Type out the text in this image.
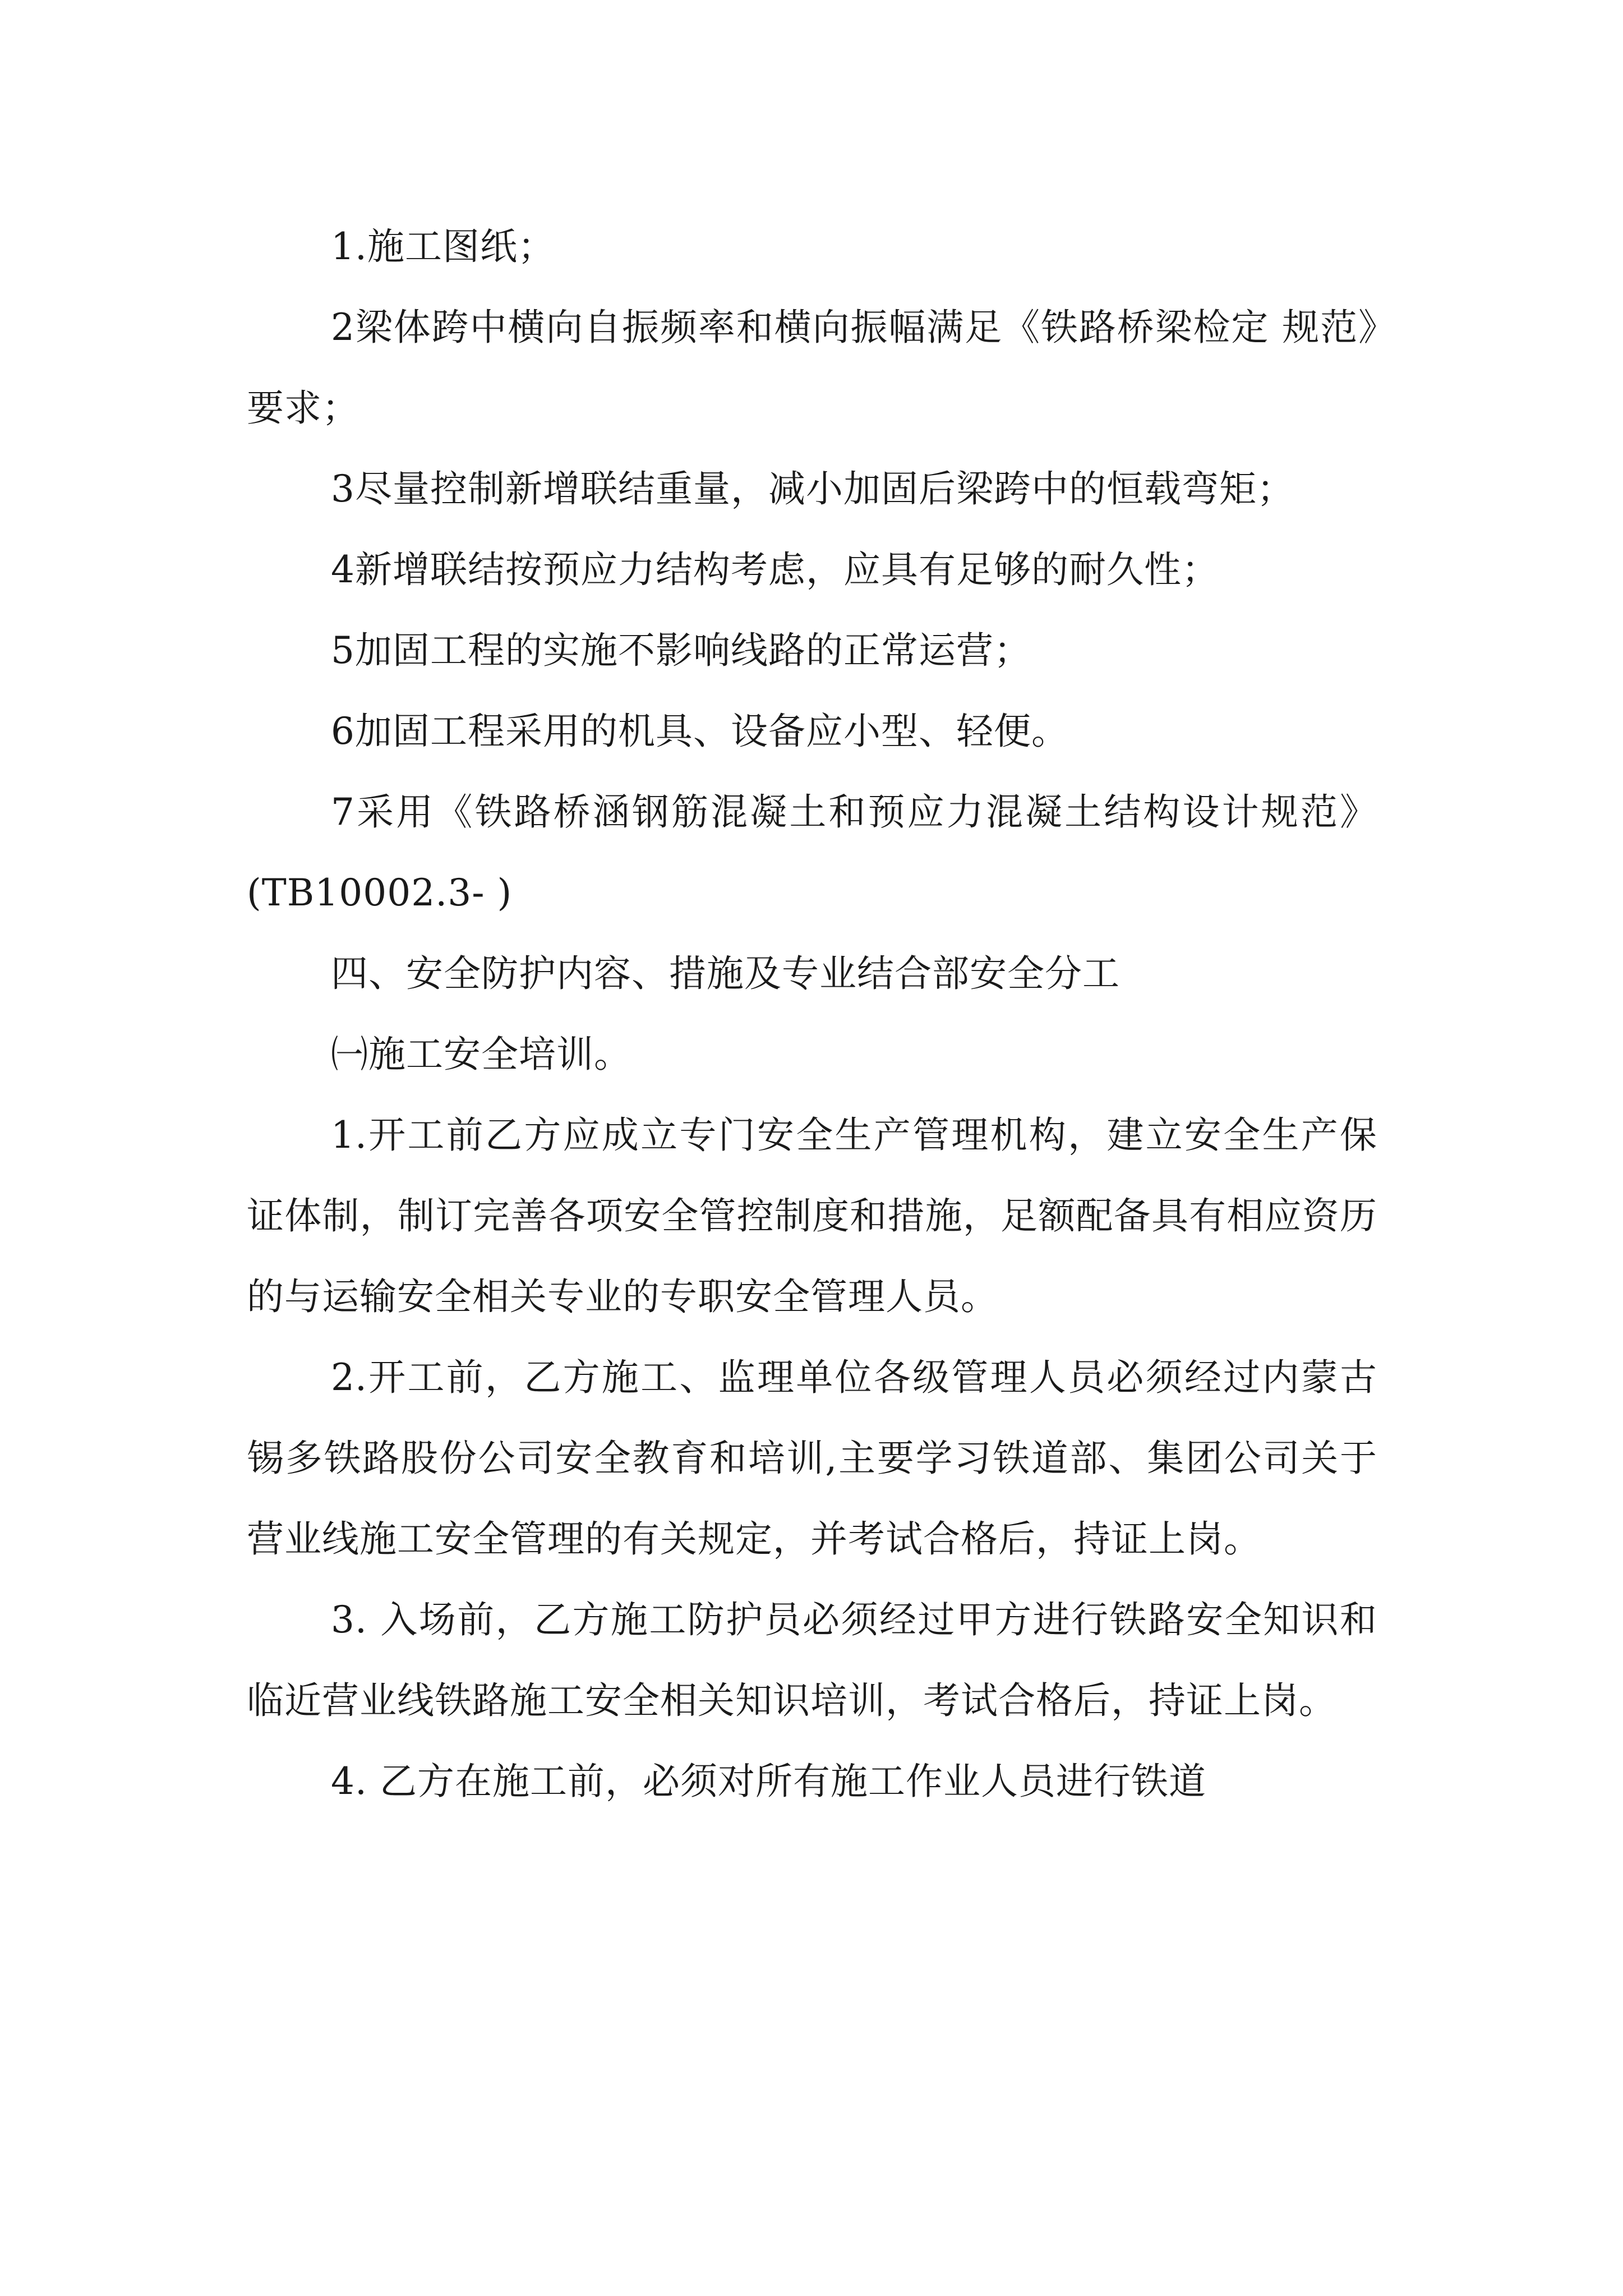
1.施工图纸；

2梁体跨中横向自振频率和横向振幅满足《铁路桥梁检定 规范》要求；

3尽量控制新增联结重量，减小加固后梁跨中的恒载弯矩；

4新增联结按预应力结构考虑，应具有足够的耐久性；

5加固工程的实施不影响线路的正常运营；

6加固工程采用的机具、设备应小型、轻便。

7采用《铁路桥涵钢筋混凝土和预应力混凝土结构设计规范》(TB10002.3- )

四、安全防护内容、措施及专业结合部安全分工

㈠施工安全培训。

1.开工前乙方应成立专门安全生产管理机构，建立安全生产保证体制，制订完善各项安全管控制度和措施，足额配备具有相应资历的与运输安全相关专业的专职安全管理人员。

2.开工前，乙方施工、监理单位各级管理人员必须经过内蒙古锡多铁路股份公司安全教育和培训,主要学习铁道部、集团公司关于营业线施工安全管理的有关规定，并考试合格后，持证上岗。

3. 入场前，乙方施工防护员必须经过甲方进行铁路安全知识和临近营业线铁路施工安全相关知识培训，考试合格后，持证上岗。

4. 乙方在施工前，必须对所有施工作业人员进行铁道
